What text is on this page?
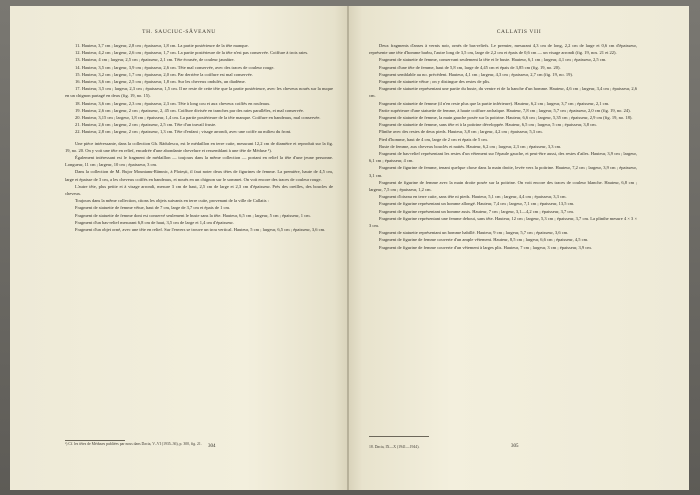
TH. SAUCIUC-SĂVEANU

11. Hauteur, 3,7 cm ; largeur, 2,8 cm ; épaisseur, 1,8 cm. La partie postérieure de la tête manque.

12. Hauteur, 4,2 cm ; largeur, 2,6 cm ; épaisseur, 1,7 cm. La partie postérieure de la tête n'est pas conservée. Coiffure à trois raies.

13. Hauteur, 4 cm ; largeur, 2,5 cm ; épaisseur, 2,1 cm. Tête écrasée, de couleur jaunâtre.

14. Hauteur, 3,5 cm ; largeur, 3,9 cm ; épaisseur, 2,6 cm. Tête mal conservée, avec des traces de couleur rouge.

15. Hauteur, 3,2 cm ; largeur, 1,7 cm ; épaisseur, 2,0 cm. Par derrière la coiffure est mal conservée.

16. Hauteur, 3,6 cm ; largeur, 2,5 cm ; épaisseur, 1,8 cm. Sur les cheveux ondulés, un diadème.

17. Hauteur, 3,5 cm ; largeur, 2,3 cm ; épaisseur, 1,5 cm. Il ne reste de cette tête que la partie postérieure, avec les cheveux noués sur la nuque en un chignon partagé en deux (fig. 19, no. 15).

18. Hauteur, 3,6 cm ; largeur, 2,3 cm ; épaisseur, 2,3 cm. Tête à long cou et aux cheveux coiffés en rouleaux.

19. Hauteur, 2,6 cm ; largeur, 2 cm ; épaisseur, 2, 45 cm. Coiffure divisée en tranches par des raies parallèles, et mal conservée.

20. Hauteur, 3,15 cm ; largeur, 1,8 cm ; épaisseur, 1,4 cm. La partie postérieure de la tête manque. Coiffure en bandeaux, mal conservée.

21. Hauteur, 2,6 cm ; largeur, 2 cm ; épaisseur, 2,5 cm. Tête d'un travail fruste.

22. Hauteur, 2,8 cm ; largeur, 2 cm ; épaisseur, 1,3 cm. Tête d'enfant ; visage arrondi, avec une coiffe au milieu du front.

Une pièce intéressante, dans la collection Gh. Rădulescu, est le médaillon en terre cuite, mesurant 12,2 cm de diamètre et reproduit sur la fig. 19, no. 20. On y voit une tête en relief, encadrée d'une abondante chevelure et ressemblant à une tête de Méduse ¹).

Également intéressant est le fragment de médaillon — toujours dans la même collection — portant en relief la tête d'une jeune personne. Longueur, 11 cm ; largeur, 10 cm ; épaisseur, 3 cm.

Dans la collection de M. Bujor Mountanu-Rămnic, à Ploiești, il faut noter deux têtes de figurines de femme. La première, haute de 4,5 cm, large et épaisse de 3 cm, a les cheveux coiffés en bandeaux, et noués en un chignon sur le sommet. On voit encore des traces de couleur rouge.

L'autre tête, plus petite et à visage arrondi, mesure 3 cm de haut, 2,5 cm de large et 2,3 cm d'épaisseur. Près des oreilles, des boucles de cheveux.

Toujours dans la même collection, citons les objets suivants en terre cuite, provenant de la ville de Callatis :

Fragment de statuette de femme vêtue, haut de 7 cm, large de 3,7 cm et épais de 1 cm.

Fragment de statuette de femme dont est conservé seulement le buste sans la tête. Hauteur, 6,5 cm ; largeur, 5 cm ; épaisseur, 1 cm.

Fragment d'un bas-relief mesurant 6,8 cm de haut, 3,5 cm de large et 1,4 cm d'épaisseur.

Fragment d'un objet orné, avec une tête en relief. Sur l'envers se trouve un trou vertical. Hauteur, 5 cm ; largeur, 6,5 cm ; épaisseur, 3,6 cm.

¹) Cf. les têtes de Méduses publiées par nous dans Dacia, V–VI (1935–36), p. 300, fig. 21.	304
CALLATIS VIII

Deux fragments d'anses à vernis noir, ornés de bas-reliefs. Le premier, mesurant 4,3 cm de long, 2,2 cm de large et 0,6 cm d'épaisseur, représente une tête d'homme barbu, l'autre long de 3,5 cm, large de 2,2 cm et épais de 0,6 cm — un visage arrondi (fig. 19, nos. 21 et 22).

Fragment de statuette de femme, conservant seulement la tête et le buste. Hauteur, 6,1 cm ; largeur, 4,1 cm ; épaisseur, 2,5 cm.

Fragment d'une tête de femme, haut de 5,8 cm, large de 4,45 cm et épais de 3,85 cm (fig. 19, no. 20).

Fragment semblable au no. précédent. Hauteur, 4,1 cm ; largeur, 4,3 cm ; épaisseur, 2,7 cm (fig. 19, no. 19).

Fragment de statuette vêtue ; on y distingue des restes de plis.

Fragment de statuette représentant une partie du buste, du ventre et de la hanche d'un homme. Hauteur, 4,6 cm ; largeur, 3,4 cm ; épaisseur, 2,6 cm.

Fragment de statuette de femme (il n'en reste plus que la partie inférieure). Hauteur, 6,2 cm ; largeur, 3,7 cm ; épaisseur, 2,1 cm.

Partie supérieure d'une statuette de femme, à haute coiffure archaïque. Hauteur, 7,8 cm ; largeur, 5,7 cm ; épaisseur, 2,0 cm (fig. 19, no. 24).

Fragment de statuette de femme, la main gauche posée sur la poitrine. Hauteur, 6,6 cm ; largeur, 5,35 cm ; épaisseur, 2,9 cm (fig. 19, no. 18).

Fragment de statuette de femme, sans tête et à la poitrine développée. Hauteur, 6,5 cm ; largeur, 5 cm ; épaisseur, 3,8 cm.

Plinthe avec des restes de deux pieds. Hauteur, 3,8 cm ; largeur, 4,2 cm ; épaisseur, 5,3 cm.

Pied d'homme, haut de 4 cm, large de 2 cm et épais de 5 cm.

Buste de femme, aux cheveux bouclés et nattés. Hauteur, 6,2 cm ; largeur, 2,3 cm ; épaisseur, 3,3 cm.

Fragment de bas-relief représentant les restes d'un vêtement sur l'épaule gauche, et peut-être aussi, des restes d'ailes. Hauteur, 3,9 cm ; largeur, 6,1 cm ; épaisseur, 4 cm.

Fragment de figurine de femme, tenant quelque chose dans la main droite, levée vers la poitrine. Hauteur, 7,2 cm ; largeur, 3,9 cm ; épaisseur, 3,1 cm.

Fragment de figurine de femme avec la main droite posée sur la poitrine. On voit encore des traces de couleur blanche. Hauteur, 6,8 cm ; largeur, 7,5 cm ; épaisseur, 1,2 cm.

Fragment d'oiseau en terre cuite, sans tête ni pieds. Hauteur, 5,1 cm ; largeur, 4,4 cm ; épaisseur, 3,3 cm.

Fragment de figurine représentant un homme allongé. Hauteur, 7,4 cm ; largeur, 7,1 cm ; épaisseur, 13,5 cm.

Fragment de figurine représentant un homme assis. Hauteur, 7 cm ; largeur, 3,1—4,2 cm ; épaisseur, 3,7 cm.

Fragment de figurine représentant une femme debout, sans tête. Hauteur, 12 cm ; largeur, 5,3 cm ; épaisseur, 3,7 cm. La plinthe mesure 4 × 3 × 3 cm.

Fragment de statuette représentant un homme habillé. Hauteur, 9 cm ; largeur, 5,7 cm ; épaisseur, 3,6 cm.

Fragment de figurine de femme couverte d'un ample vêtement. Hauteur, 8,5 cm ; largeur, 6,6 cm ; épaisseur, 4,5 cm.

Fragment de figurine de femme couverte d'un vêtement à larges plis. Hauteur, 7 cm ; largeur, 3 cm ; épaisseur, 3,9 cm.

18. Dacia, IX—X (1941—1944).	305
